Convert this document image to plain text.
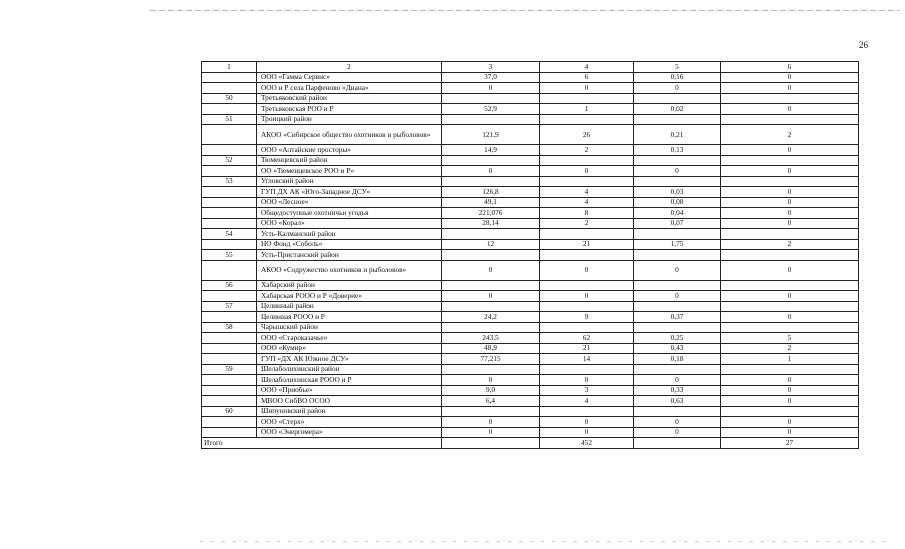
26
1	2	3	4	5	6
	ООО «Гамма Сервис»	37,0	6	0,16	0
	ООО и Р села Парфеново «Диана»	0	0	0	0
50	Третьяковский район				
	Третьяковская РОО и Р	52,9	1	0,02	0
51	Троицкий район				
	АКОО «Сибирское общество охотников и рыболовов»	121,9	26	0,21	2
	ООО «Алтайские просторы»	14,9	2	0,13	0
52	Тюменцевский район				
	ОО «Тюменцевское РОО и Р»	0	0	0	0
53	Угловский район				
	ГУП ДХ АК «Юго-Западное ДСУ»	126,8	4	0,03	0
	ООО «Лесное»	49,1	4	0,08	0
	Общедоступные охотничьи угодья	221,076	8	0,04	0
	ООО «Корал»	28,14	2	0,07	0
54	Усть-Калманский район				
	НО Фонд «Соболь»	12	21	1,75	2
55	Усть-Пристанский район				
	АКОО «Содружество охотников и рыболовов»	0	0	0	0
56	Хабарский район				
	Хабарская РООО и Р «Доверие»	0	0	0	0
57	Целинный район				
	Целинная РООО и Р	24,2	9	0,37	0
58	Чарышский район				
	ООО «Староказачье»	243,5	62	0,25	5
	ООО «Кумир»	48,9	21	0,43	2
	ГУП «ДХ АК Южное ДСУ»	77,215	14	0,18	1
59	Шелаболихинский район				
	Шелаболихинская РООО и Р	0	0	0	0
	ООО «Приобье»	9,0	3	0,33	0
	МВОО СибВО ОСОО	6,4	4	0,63	0
60	Шипуновский район				
	ООО «Стерх»	0	0	0	0
	ООО «Энергомера»	0	0	0	0
Итого			452		27
